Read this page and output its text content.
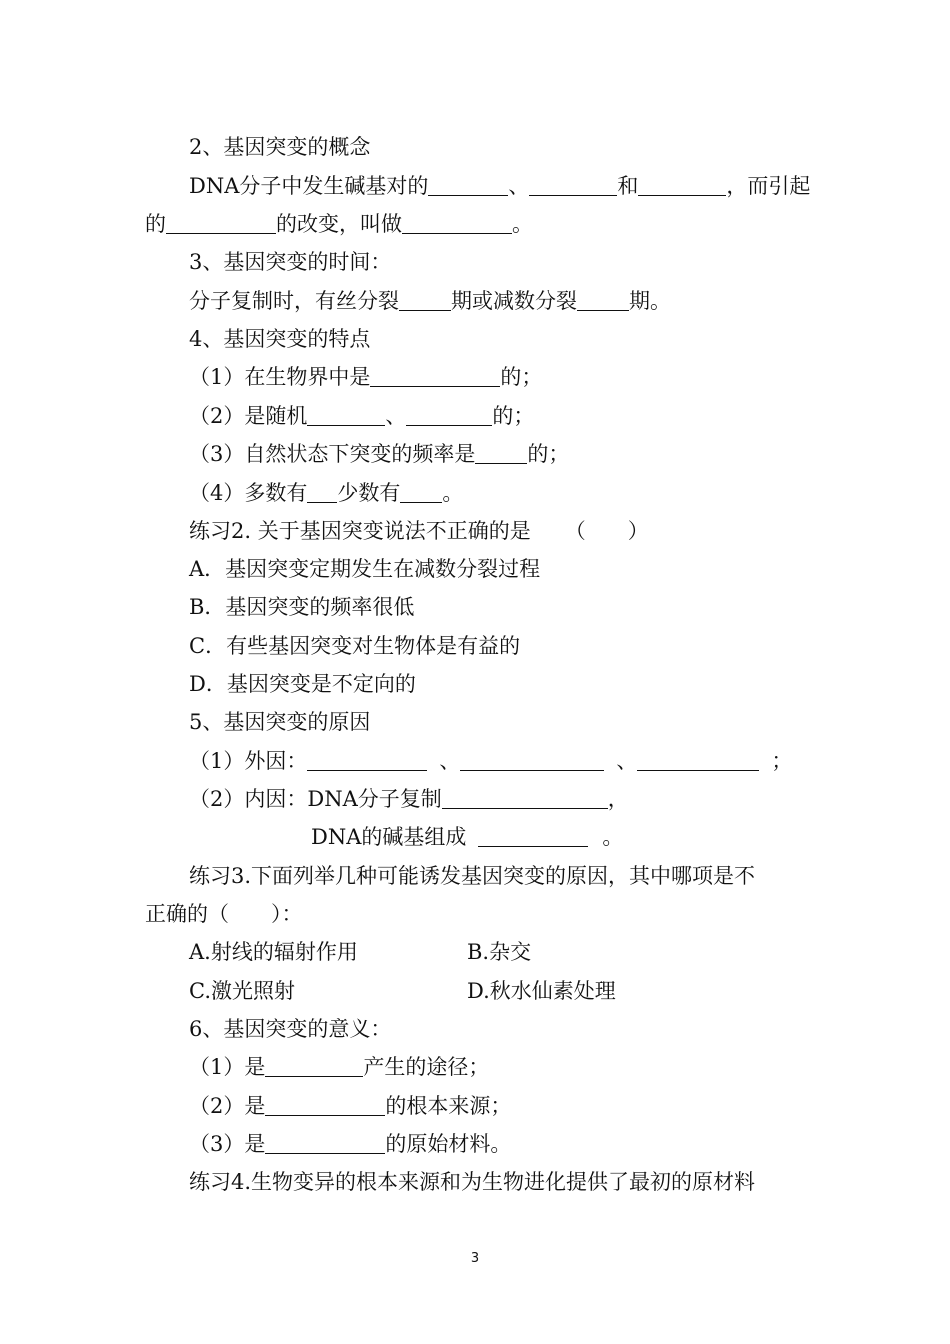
2、基因突变的概念
DNA分子中发生碱基对的	、	和	，而引起
的	的改变，叫做	。
3、基因突变的时间：
分子复制时，有丝分裂 期或减数分裂 期。
4、基因突变的特点
（1）在生物界中是	的；
（2）是随机	、	的；
（3）自然状态下突变的频率是 的；
（4）多数有 少数有 。
练习2. 关于基因突变说法不正确的是 （　　）
A．基因突变定期发生在减数分裂过程
B．基因突变的频率很低
C．有些基因突变对生物体是有益的
D．基因突变是不定向的
5、基因突变的原因
（1）外因：	、	、	；
（2）内因：DNA分子复制	，
DNA的碱基组成	。
练习3.下面列举几种可能诱发基因突变的原因，其中哪项是不
正确的（　　）：
A.射线的辐射作用	B.杂交
C.激光照射	D.秋水仙素处理
6、基因突变的意义：
（1）是	产生的途径；
（2）是	的根本来源；
（3）是	的原始材料。
练习4.生物变异的根本来源和为生物进化提供了最初的原材料
3
